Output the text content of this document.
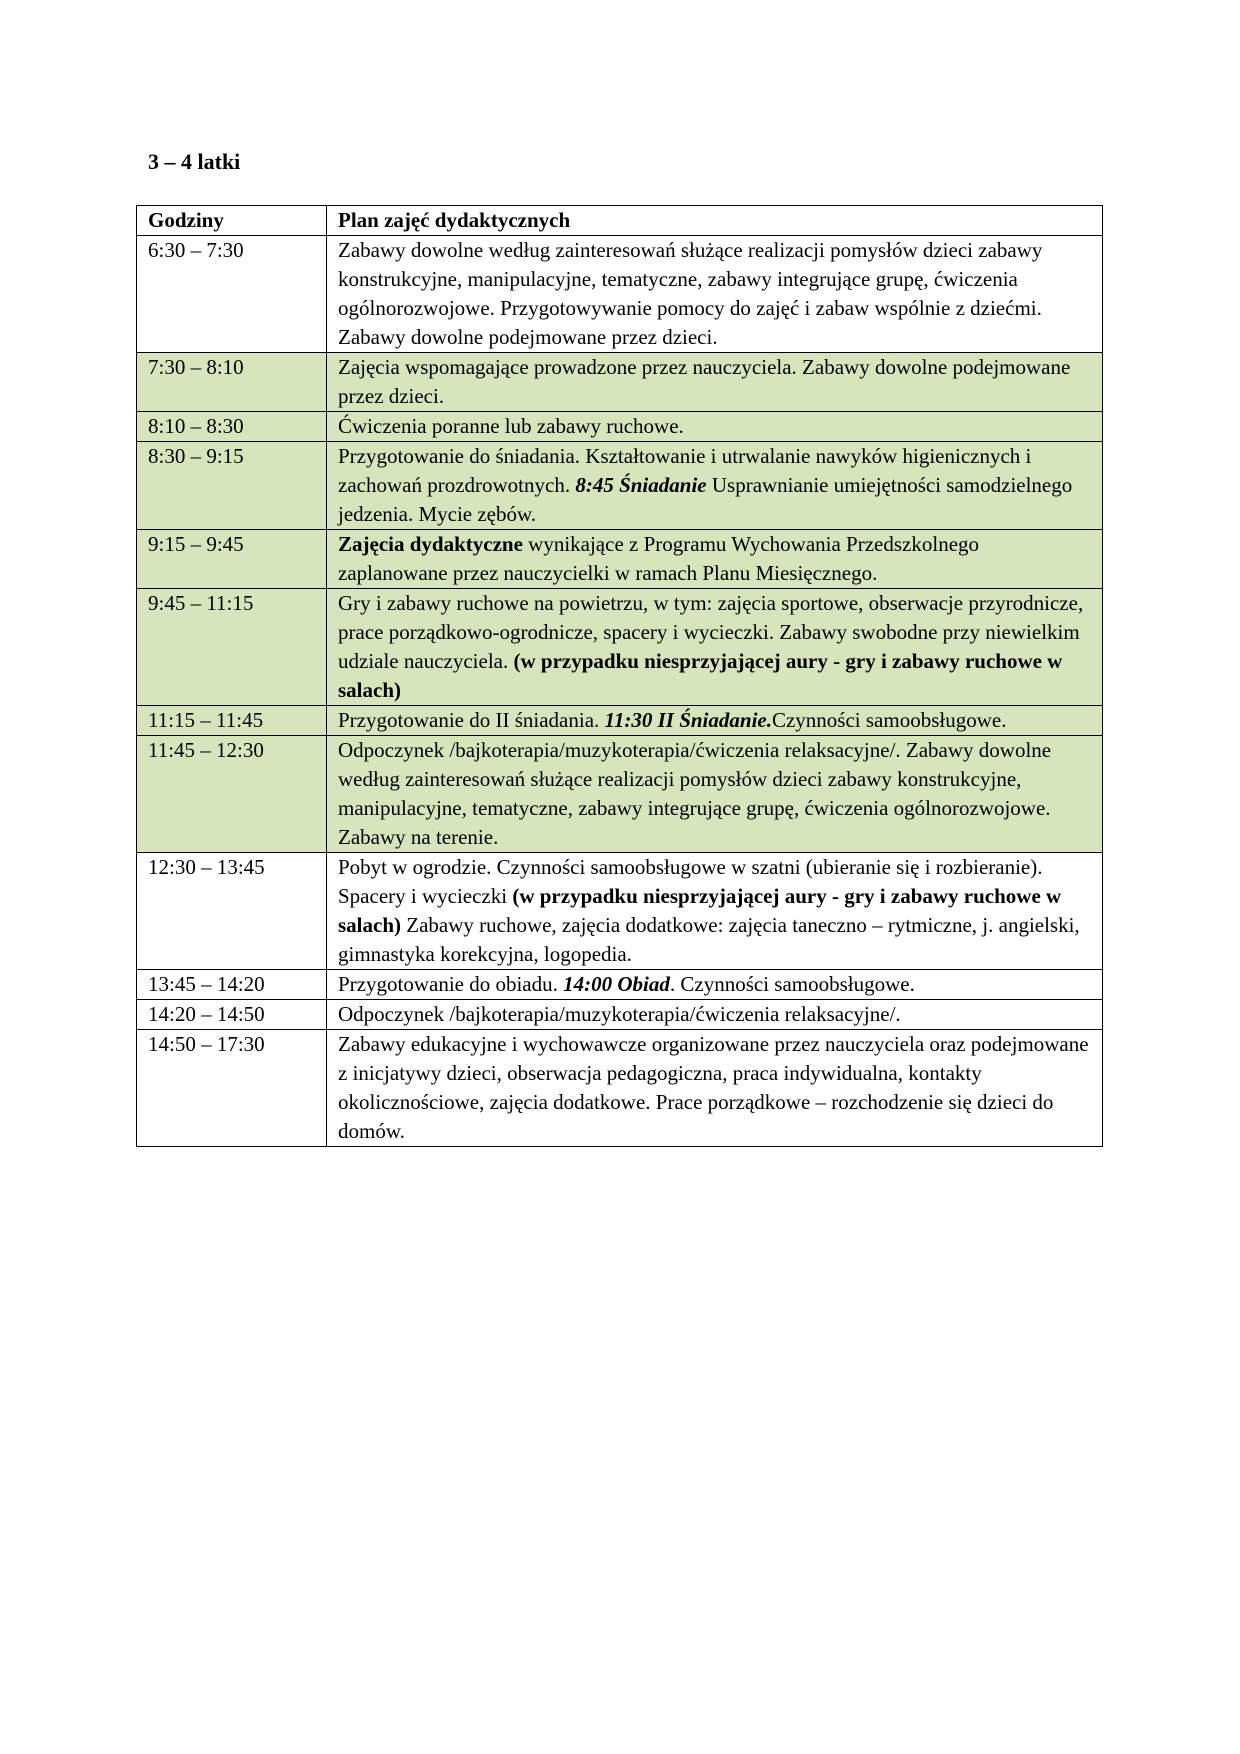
3 – 4 latki
Godziny	Plan zajęć dydaktycznych
6:30 – 7:30	Zabawy dowolne według zainteresowań służące realizacji pomysłów dzieci zabawy konstrukcyjne, manipulacyjne, tematyczne, zabawy integrujące grupę, ćwiczenia ogólnorozwojowe. Przygotowywanie pomocy do zajęć i zabaw wspólnie z dziećmi. Zabawy dowolne podejmowane przez dzieci.
7:30 – 8:10	Zajęcia wspomagające prowadzone przez nauczyciela. Zabawy dowolne podejmowane przez dzieci.
8:10 – 8:30	Ćwiczenia poranne lub zabawy ruchowe.
8:30 – 9:15	Przygotowanie do śniadania. Kształtowanie i utrwalanie nawyków higienicznych i zachowań prozdrowotnych. 8:45 Śniadanie Usprawnianie umiejętności samodzielnego jedzenia. Mycie zębów.
9:15 – 9:45	Zajęcia dydaktyczne wynikające z Programu Wychowania Przedszkolnego zaplanowane przez nauczycielki w ramach Planu Miesięcznego.
9:45 – 11:15	Gry i zabawy ruchowe na powietrzu, w tym: zajęcia sportowe, obserwacje przyrodnicze, prace porządkowo-ogrodnicze, spacery i wycieczki. Zabawy swobodne przy niewielkim udziale nauczyciela. (w przypadku niesprzyjającej aury - gry i zabawy ruchowe w salach)
11:15 – 11:45	Przygotowanie do II śniadania. 11:30 II Śniadanie.Czynności samoobsługowe.
11:45 – 12:30	Odpoczynek /bajkoterapia/muzykoterapia/ćwiczenia relaksacyjne/. Zabawy dowolne według zainteresowań służące realizacji pomysłów dzieci zabawy konstrukcyjne, manipulacyjne, tematyczne, zabawy integrujące grupę, ćwiczenia ogólnorozwojowe. Zabawy na terenie.
12:30 – 13:45	Pobyt w ogrodzie. Czynności samoobsługowe w szatni (ubieranie się i rozbieranie). Spacery i wycieczki (w przypadku niesprzyjającej aury - gry i zabawy ruchowe w salach) Zabawy ruchowe, zajęcia dodatkowe: zajęcia taneczno – rytmiczne, j. angielski, gimnastyka korekcyjna, logopedia.
13:45 – 14:20	Przygotowanie do obiadu. 14:00 Obiad. Czynności samoobsługowe.
14:20 – 14:50	Odpoczynek /bajkoterapia/muzykoterapia/ćwiczenia relaksacyjne/.
14:50 – 17:30	Zabawy edukacyjne i wychowawcze organizowane przez nauczyciela oraz podejmowane z inicjatywy dzieci, obserwacja pedagogiczna, praca indywidualna, kontakty okolicznościowe, zajęcia dodatkowe. Prace porządkowe – rozchodzenie się dzieci do domów.
